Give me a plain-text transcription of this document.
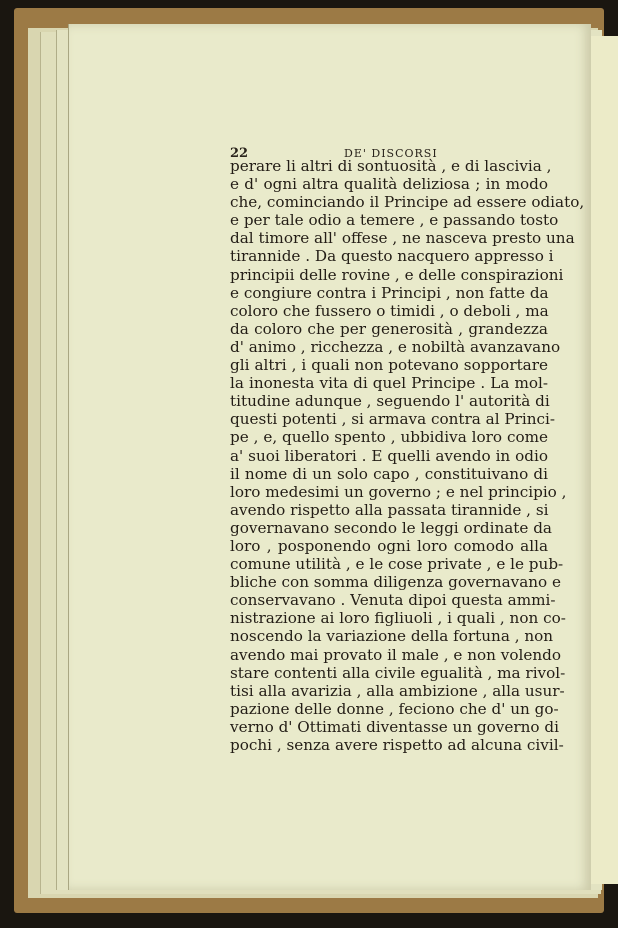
22	DE' DISCORSI
perare li altri di sontuosità , e di lascivia ,
e d' ogni altra qualità deliziosa ; in modo
che, cominciando il Principe ad essere odiato,
e per tale odio a temere , e passando tosto
dal timore all' offese , ne nasceva presto una
tirannide . Da questo nacquero appresso i
principii delle rovine , e delle conspirazioni
e congiure contra i Principi , non fatte da
coloro che fussero o timidi , o deboli , ma
da coloro che per generosità , grandezza
d' animo , ricchezza , e nobiltà avanzavano
gli altri , i quali non potevano sopportare
la inonesta vita di quel Principe . La mol-
titudine adunque , seguendo l' autorità di
questi potenti , si armava contra al Princi-
pe , e, quello spento , ubbidiva loro come
a' suoi liberatori . E quelli avendo in odio
il nome di un solo capo , constituivano di
loro medesimi un governo ; e nel principio ,
avendo rispetto alla passata tirannide , si
governavano secondo le leggi ordinate da
loro , posponendo ogni loro comodo alla
comune utilità , e le cose private , e le pub-
bliche con somma diligenza governavano e
conservavano . Venuta dipoi questa ammi-
nistrazione ai loro figliuoli , i quali , non co-
noscendo la variazione della fortuna , non
avendo mai provato il male , e non volendo
stare contenti alla civile egualità , ma rivol-
tisi alla avarizia , alla ambizione , alla usur-
pazione delle donne , feciono che d' un go-
verno d' Ottimati diventasse un governo di
pochi , senza avere rispetto ad alcuna civil-
